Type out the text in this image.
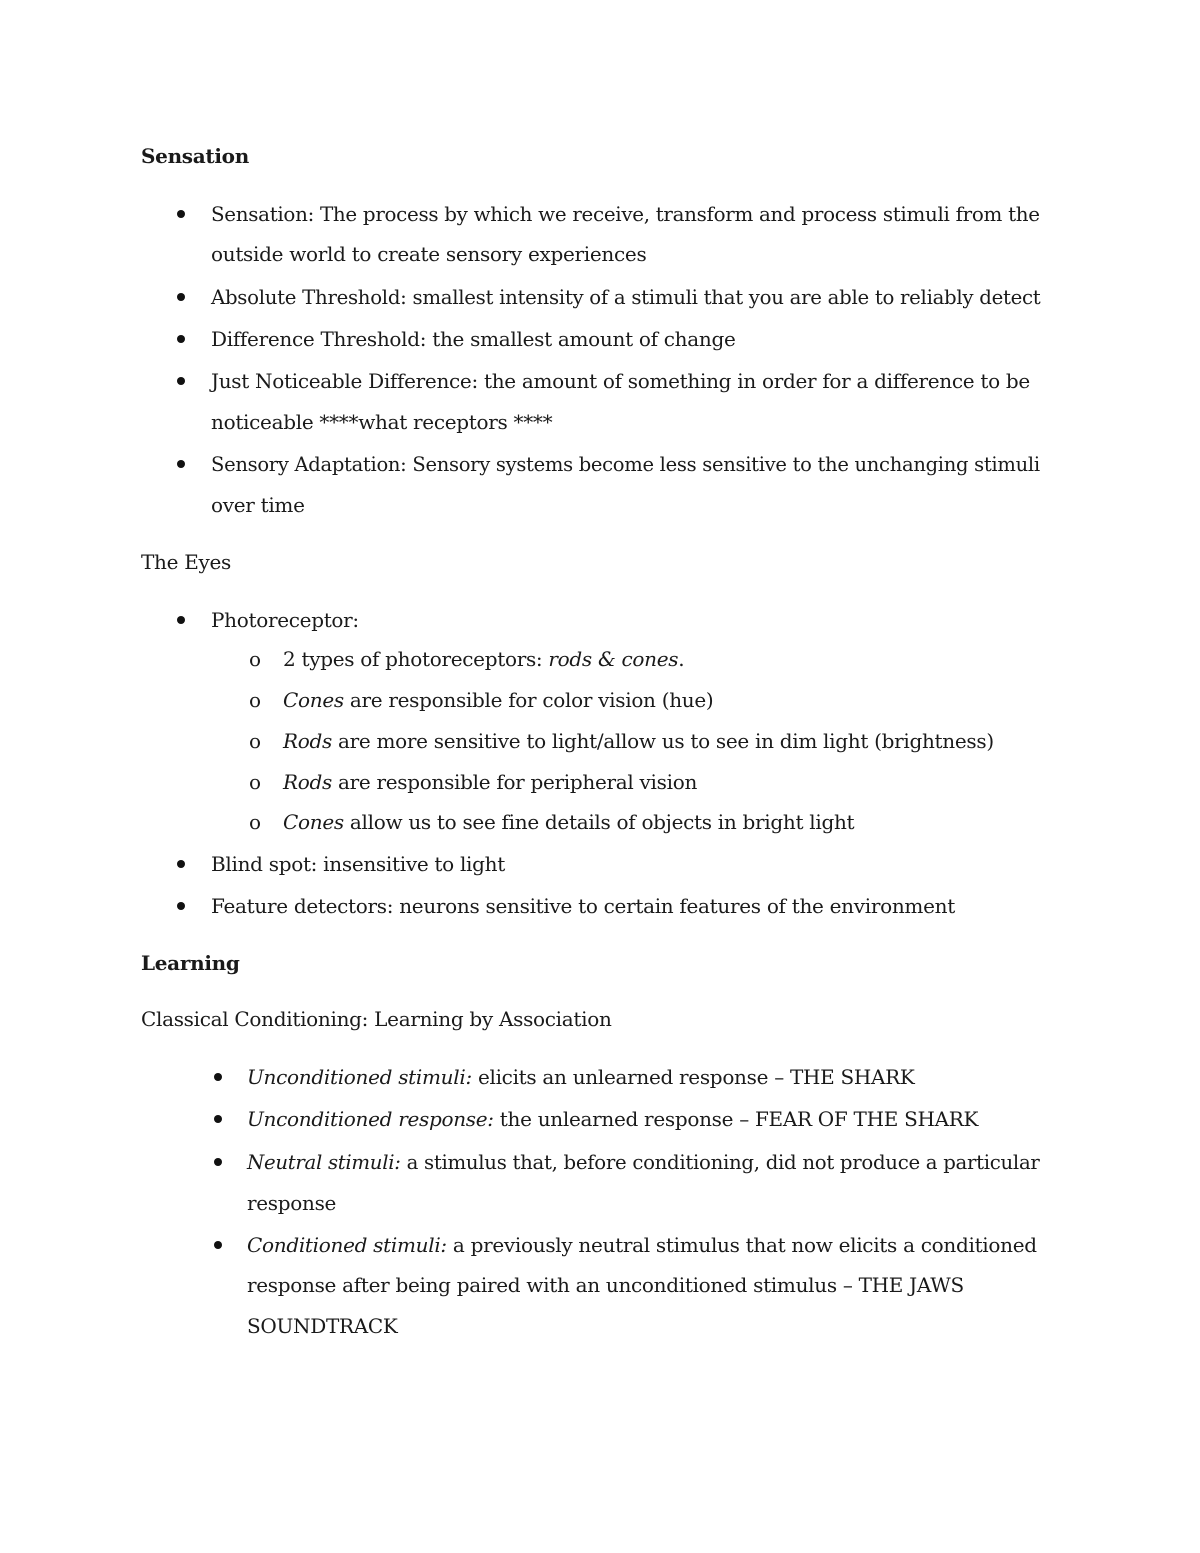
Sensation
Sensation: The process by which we receive, transform and process stimuli from the
outside world to create sensory experiences
Absolute Threshold: smallest intensity of a stimuli that you are able to reliably detect
Difference Threshold: the smallest amount of change
Just Noticeable Difference: the amount of something in order for a difference to be
noticeable ****what receptors ****
Sensory Adaptation: Sensory systems become less sensitive to the unchanging stimuli
over time
The Eyes
Photoreceptor:
o 2 types of photoreceptors: rods & cones.
o Cones are responsible for color vision (hue)
o Rods are more sensitive to light/allow us to see in dim light (brightness)
o Rods are responsible for peripheral vision
o Cones allow us to see fine details of objects in bright light
Blind spot: insensitive to light
Feature detectors: neurons sensitive to certain features of the environment
Learning
Classical Conditioning: Learning by Association
Unconditioned stimuli: elicits an unlearned response – THE SHARK
Unconditioned response: the unlearned response – FEAR OF THE SHARK
Neutral stimuli: a stimulus that, before conditioning, did not produce a particular
response
Conditioned stimuli: a previously neutral stimulus that now elicits a conditioned
response after being paired with an unconditioned stimulus – THE JAWS
SOUNDTRACK
